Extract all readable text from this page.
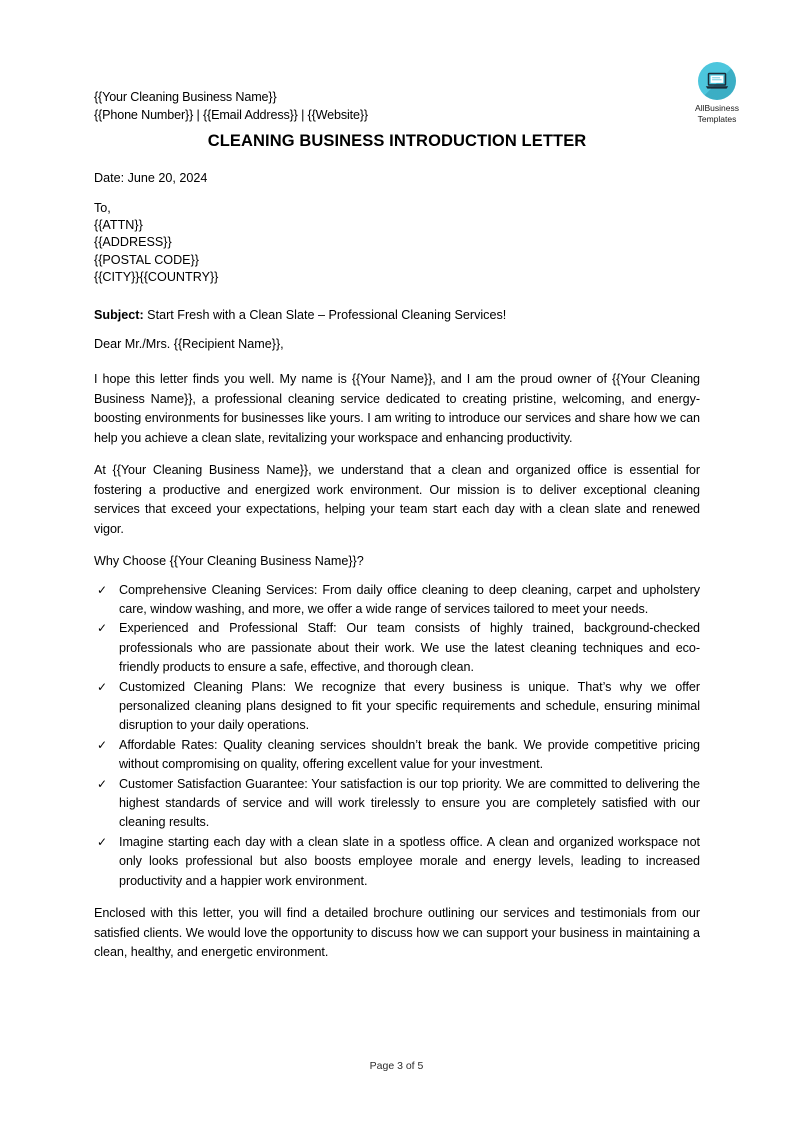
AllBusiness
Templates
{{Your Cleaning Business Name}}
{{Phone Number}} | {{Email Address}} | {{Website}}
CLEANING BUSINESS INTRODUCTION LETTER
Date: June 20, 2024
To,
{{ATTN}}
{{ADDRESS}}
{{POSTAL CODE}}
{{CITY}}{{COUNTRY}}
Subject: Start Fresh with a Clean Slate – Professional Cleaning Services!
Dear Mr./Mrs. {{Recipient Name}},

I hope this letter finds you well. My name is {{Your Name}}, and I am the proud owner of {{Your Cleaning Business Name}}, a professional cleaning service dedicated to creating pristine, welcoming, and energy-boosting environments for businesses like yours. I am writing to introduce our services and share how we can help you achieve a clean slate, revitalizing your workspace and enhancing productivity.

At {{Your Cleaning Business Name}}, we understand that a clean and organized office is essential for fostering a productive and energized work environment. Our mission is to deliver exceptional cleaning services that exceed your expectations, helping your team start each day with a clean slate and renewed vigor.

Why Choose {{Your Cleaning Business Name}}?

✓ Comprehensive Cleaning Services: From daily office cleaning to deep cleaning, carpet and upholstery care, window washing, and more, we offer a wide range of services tailored to meet your needs.
✓ Experienced and Professional Staff: Our team consists of highly trained, background-checked professionals who are passionate about their work. We use the latest cleaning techniques and eco-friendly products to ensure a safe, effective, and thorough clean.
✓ Customized Cleaning Plans: We recognize that every business is unique. That’s why we offer personalized cleaning plans designed to fit your specific requirements and schedule, ensuring minimal disruption to your daily operations.
✓ Affordable Rates: Quality cleaning services shouldn’t break the bank. We provide competitive pricing without compromising on quality, offering excellent value for your investment.
✓ Customer Satisfaction Guarantee: Your satisfaction is our top priority. We are committed to delivering the highest standards of service and will work tirelessly to ensure you are completely satisfied with our cleaning results.
✓ Imagine starting each day with a clean slate in a spotless office. A clean and organized workspace not only looks professional but also boosts employee morale and energy levels, leading to increased productivity and a happier work environment.

Enclosed with this letter, you will find a detailed brochure outlining our services and testimonials from our satisfied clients. We would love the opportunity to discuss how we can support your business in maintaining a clean, healthy, and energetic environment.

Page 3 of 5
